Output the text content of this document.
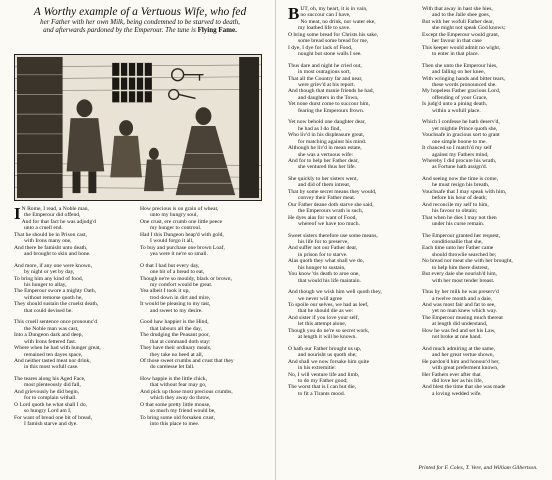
A Worthy example of a Vertuous Wife, who fed
her Father with her own Milk, being condemned to be starved to death,
and afterwards pardoned by the Emperour. The tune is Flying Fame.

I N Rome, I read, a Noble man,
the Emperour did offend,
And for that fact he was adjudg'd
unto a cruell end.
That he should be in Prison cast,
with Irons many one,
And there be famisht unto death,
and brought to skin and bone.

And more, if any one were known,
by night or yet by day,
To bring him any kind of food,
his hunger to allay,
The Emperour swore a mighty Oath,
without remorse quoth he,
They should sustain the cruelst death,
that could devised be.

This cruell sentence once pronounc'd
the Noble man was cast,
Into a Dungeon dark and deep,
with Irons fettered fast.
Where when he had with hunger great,
remained ten dayes space,
And neither tasted meat nor drink,
in this most wofull case.

The teares along his Aged Face,
most plenteously did fall,
And grievously he did begin,
for to complain withall.
O Lord quoth he what shall I do,
so hungry Lord am I,
For want of bread one bit of bread,
I famish starve and dye.

How precious is on grain of wheat,
unto my hungry soul,
One crust, ere crumb one little peece
my hunger to controul.
Had I this Dungeon heap'd with gold,
I would forgo it all,
To buy and purchase one brown Loaf,
yea were it ne're so small.

O that I had but every day,
one bit of a bread to eat,
Though ne're so mouldy, black or brown,
my comfort would be great.
Yea albeit I took it up,
trod down in dirt and mire,
It would be pleasing to my tast,
and sweet to my desire.

Good haw happier is the Hind,
that labours all the day,
The drudging the Peasant poor,
that at command doth stay:
They have their ordinary meals,
they take no heed at all,
Of those sweet crumbs and crust that they
do carelesse let fall.

How happie is the little chick,
that without fear may go,
And pick up those most precious crumbs,
which they away do throw,
O that some pretty little mouse,
so much my friend would be,
To bring some old forsaken crust,
into this place to mee.

B UT, oh, my heart, it is in vain,
no succour can I have,
No meat, no drink, nor water eke,
my loathed life to save.
O bring some bread for Christs his sake,
some bread some bread for me,
I dye, I dye for lack of Food,
nought but stone walls I see.

Thus dare and night he cried out,
in most outragious sort,
That all the Country far and near,
were griev'd at his report.
And though that manie friends he had,
and daughters in the Town,
Yet none durst come to succour him,
fearing the Emperours frown.

Yet now behold one daughter dear,
he had as I do find,
Who liv'd in his displeasure great,
for matching against his mind.
Although he liv'd in mean estate,
she was a vertuous wife:
And for to help her Father dear,
she ventured thus her life.

She quickly to her sisters went,
and did of them intreat,
That by some secret means they would,
convey their Father meat.
Our Father deane doth starve she said,
the Emperours wrath is such,
He dyes alas for want of Food,
whereof we have too much.

Sweet sisters therefore use some means,
his life for to preserve,
And suffer not our Father dear,
in prison for to starve.
Alas quoth they what shall we do,
his hunger to sustain,
You know 'tis death to aroe one,
that would his life maintain.

And though we wish him well quoth they,
we never will agree
To spoile our selves, we had as leef,
that he should die as we:
And sister if you love your self,
let this attempt alone,
Though you do ne're so secret work,
at length it will be known.

O hath our Father brought us up,
and nourisht us quoth she;
And shall we now forsake him quite
in his extremitie:
No, I will venture life and limb,
to do my Father good;
The worst that is I can but die,
to fit a Tirants mood.

With that away in hast she hies,
and to the Jaile shee goes,
But with her wofull Father dear,
she might not speak God knows;
Except the Emperour would grant,
her favour in that case
This keeper would admit no wight,
to enter in that place.

Then she unto the Emperour hies,
and falling on her knee,
With wringing hands and bitter tears,
these words pronounced she.
My hopeless Father gracious Lord,
offending of your Grace,
Is judg'd unto a pining death,
within a wofull place.

Which I confesse he hath deserv'd,
yet mightie Prince quoth she,
Vouchsafe in gracious sort to grant
one simple boone to me.
It chanced so I match'd my self
against my Fathers mind,
Whereby I did procure his wrath,
as Fortune hath assign'd.

And seeing now the time is come,
he must resign his breath,
Vouchsafe that I may speak with him,
before his hour of death;
And reconcile my self to him,
his favour to obtain;
That when he dies I may not then
under his curse remain.

The Emperour granted her request,
conditionallie that she,
Each time unto her Father came
should throwlie searched be;
No bread nor meat she with her brought,
to help him there distrest,
But every daie she nourish'd him,
with her most tender breast.

Thus by her milk he was preserv'd
a twelve month and a daie,
And was most fair and fat to see,
yet no man knew which way.
The Emperour musing much thereat
at length did understand,
How he was fed and set his Law,
not broke at nne hand.

And much admiring at the same,
and her great vertue shown,
He pardon'd him and honour'd her,
with great preferment known,
Her Fathers ever after that
did love her as his life,
And blest the time that she was made
a loving wedded wife.

Printed for F. Coles, T. Vere, and William Gilbertson.
